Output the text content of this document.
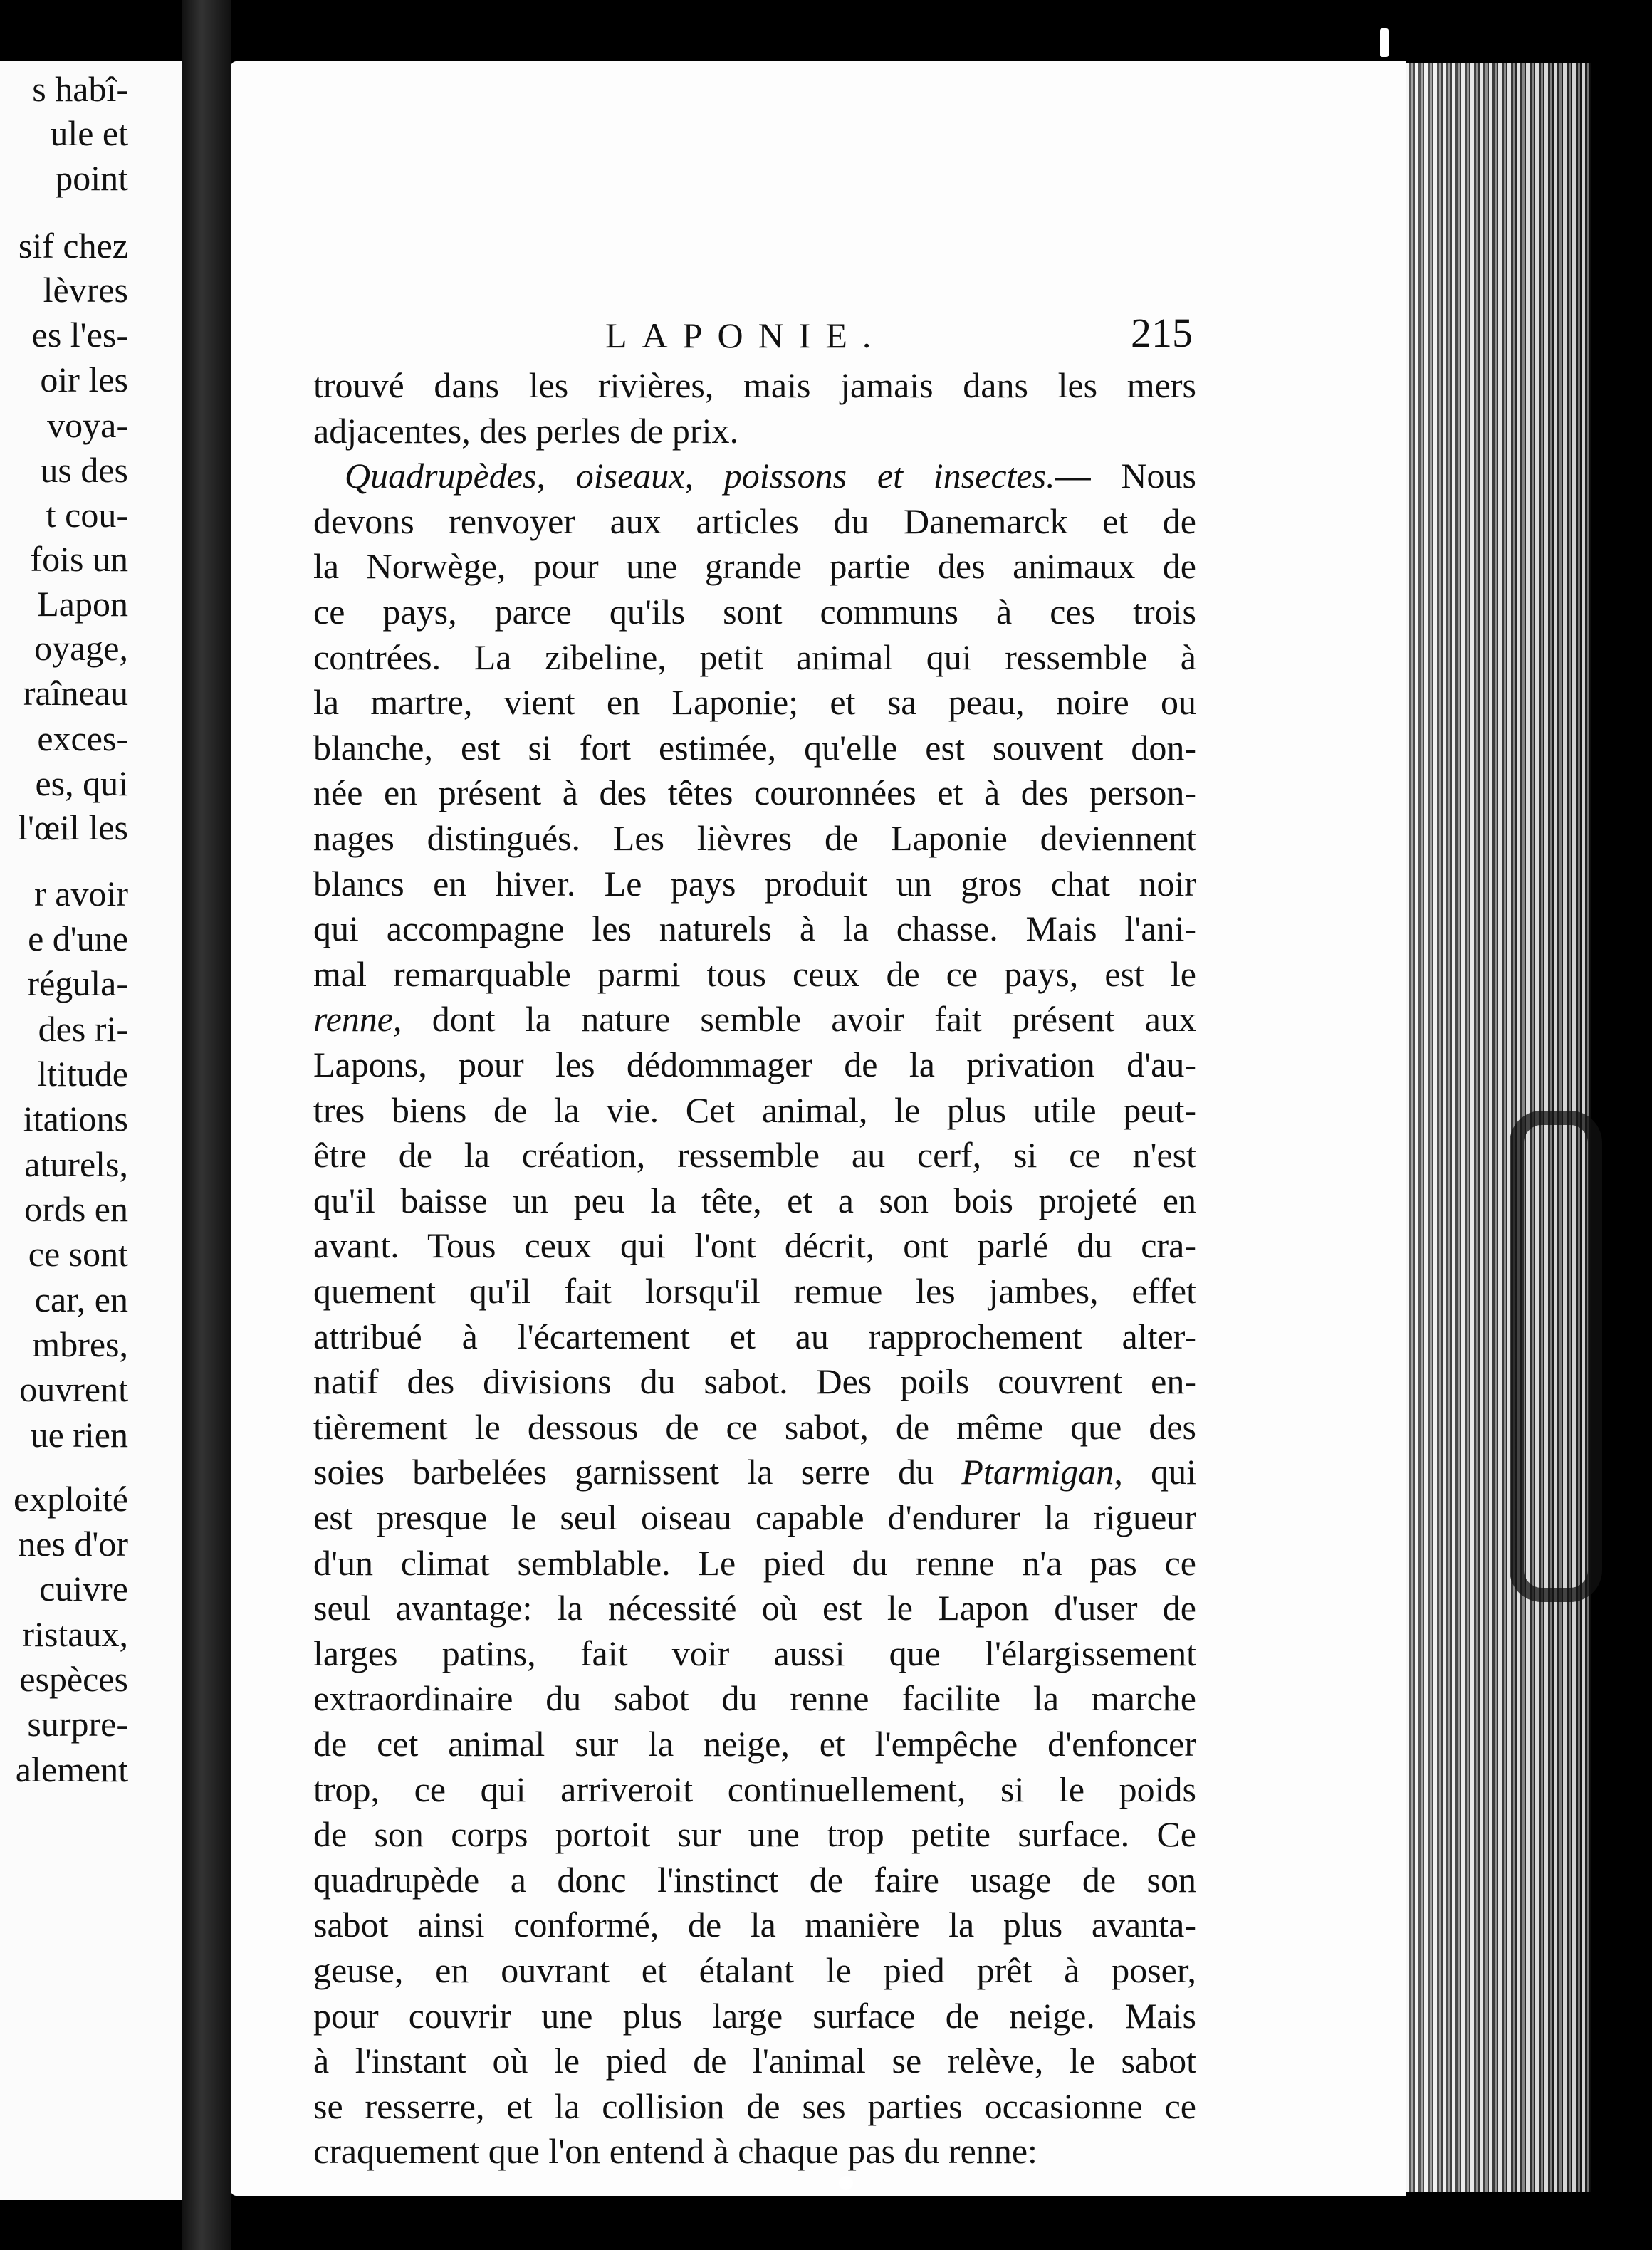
s habî-
ule et
point
sif chez
lèvres
es l'es-
oir les
voya-
us des
t cou-
fois un
Lapon
oyage,
raîneau
exces-
es, qui
l'œil les
r avoir
e d'une
régula-
des ri-
ltitude
itations
aturels,
ords en
ce sont
car, en
mbres,
ouvrent
ue rien
exploité
nes d'or
cuivre
ristaux,
espèces
surpre-
alement
LAPONIE.	215
trouvé dans les rivières, mais jamais dans les mers
adjacentes, des perles de prix.
Quadrupèdes, oiseaux, poissons et insectes.— Nous
devons renvoyer aux articles du Danemarck et de
la Norwège, pour une grande partie des animaux de
ce pays, parce qu'ils sont communs à ces trois
contrées. La zibeline, petit animal qui ressemble à
la martre, vient en Laponie; et sa peau, noire ou
blanche, est si fort estimée, qu'elle est souvent don-
née en présent à des têtes couronnées et à des person-
nages distingués. Les lièvres de Laponie deviennent
blancs en hiver. Le pays produit un gros chat noir
qui accompagne les naturels à la chasse. Mais l'ani-
mal remarquable parmi tous ceux de ce pays, est le
renne, dont la nature semble avoir fait présent aux
Lapons, pour les dédommager de la privation d'au-
tres biens de la vie. Cet animal, le plus utile peut-
être de la création, ressemble au cerf, si ce n'est
qu'il baisse un peu la tête, et a son bois projeté en
avant. Tous ceux qui l'ont décrit, ont parlé du cra-
quement qu'il fait lorsqu'il remue les jambes, effet
attribué à l'écartement et au rapprochement alter-
natif des divisions du sabot. Des poils couvrent en-
tièrement le dessous de ce sabot, de même que des
soies barbelées garnissent la serre du Ptarmigan, qui
est presque le seul oiseau capable d'endurer la rigueur
d'un climat semblable. Le pied du renne n'a pas ce
seul avantage: la nécessité où est le Lapon d'user de
larges patins, fait voir aussi que l'élargissement
extraordinaire du sabot du renne facilite la marche
de cet animal sur la neige, et l'empêche d'enfoncer
trop, ce qui arriveroit continuellement, si le poids
de son corps portoit sur une trop petite surface. Ce
quadrupède a donc l'instinct de faire usage de son
sabot ainsi conformé, de la manière la plus avanta-
geuse, en ouvrant et étalant le pied prêt à poser,
pour couvrir une plus large surface de neige. Mais
à l'instant où le pied de l'animal se relève, le sabot
se resserre, et la collision de ses parties occasionne ce
craquement que l'on entend à chaque pas du renne:
